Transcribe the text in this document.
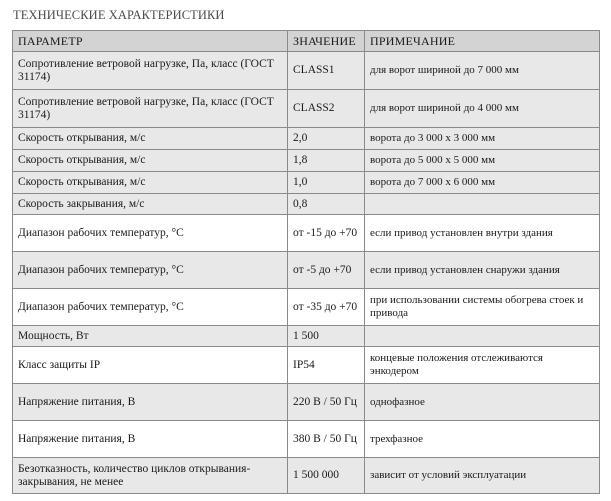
ТЕХНИЧЕСКИЕ ХАРАКТЕРИСТИКИ
ПАРАМЕТР	ЗНАЧЕНИЕ	ПРИМЕЧАНИЕ
Сопротивление ветровой нагрузке, Па, класс (ГОСТ 31174)	CLASS1	для ворот шириной до 7 000 мм
Сопротивление ветровой нагрузке, Па, класс (ГОСТ 31174)	CLASS2	для ворот шириной до 4 000 мм
Скорость открывания, м/с	2,0	ворота до 3 000 х 3 000 мм
Скорость открывания, м/с	1,8	ворота до 5 000 х 5 000 мм
Скорость открывания, м/с	1,0	ворота до 7 000 х 6 000 мм
Скорость закрывания, м/с	0,8	
Диапазон рабочих температур, °С	от -15 до +70	если привод установлен внутри здания
Диапазон рабочих температур, °С	от -5 до +70	если привод установлен снаружи здания
Диапазон рабочих температур, °С	от -35 до +70	при использовании системы обогрева стоек и привода
Мощность, Вт	1 500	
Класс защиты IP	IP54	концевые положения отслеживаются энкодером
Напряжение питания, В	220 В / 50 Гц	однофазное
Напряжение питания, В	380 В / 50 Гц	трехфазное
Безотказность, количество циклов открывания-закрывания, не менее	1 500 000	зависит от условий эксплуатации
